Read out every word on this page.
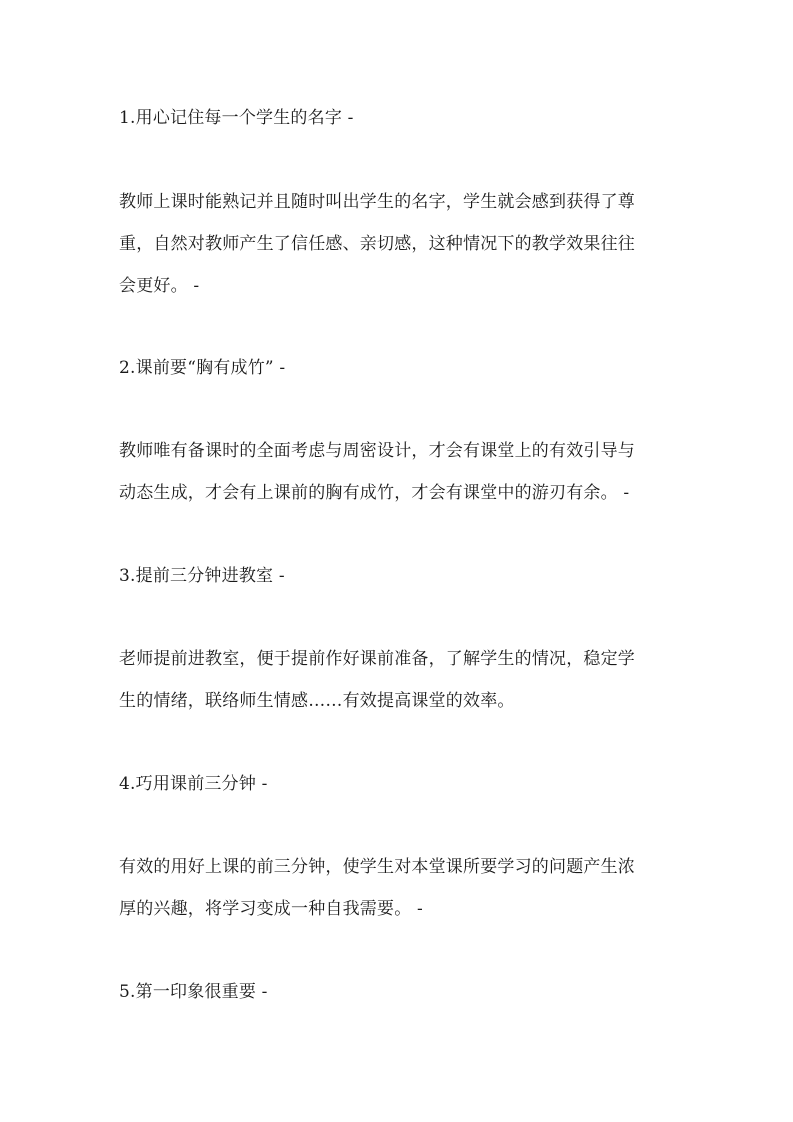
1.用心记住每一个学生的名字 -
教师上课时能熟记并且随时叫出学生的名字，学生就会感到获得了尊
重，自然对教师产生了信任感、亲切感，这种情况下的教学效果往往
会更好。 -
2.课前要“胸有成竹” -
教师唯有备课时的全面考虑与周密设计，才会有课堂上的有效引导与
动态生成，才会有上课前的胸有成竹，才会有课堂中的游刃有余。 -
3.提前三分钟进教室 -
老师提前进教室，便于提前作好课前准备，了解学生的情况，稳定学
生的情绪，联络师生情感……有效提高课堂的效率。
4.巧用课前三分钟 -
有效的用好上课的前三分钟，使学生对本堂课所要学习的问题产生浓
厚的兴趣，将学习变成一种自我需要。 -
5.第一印象很重要 -
